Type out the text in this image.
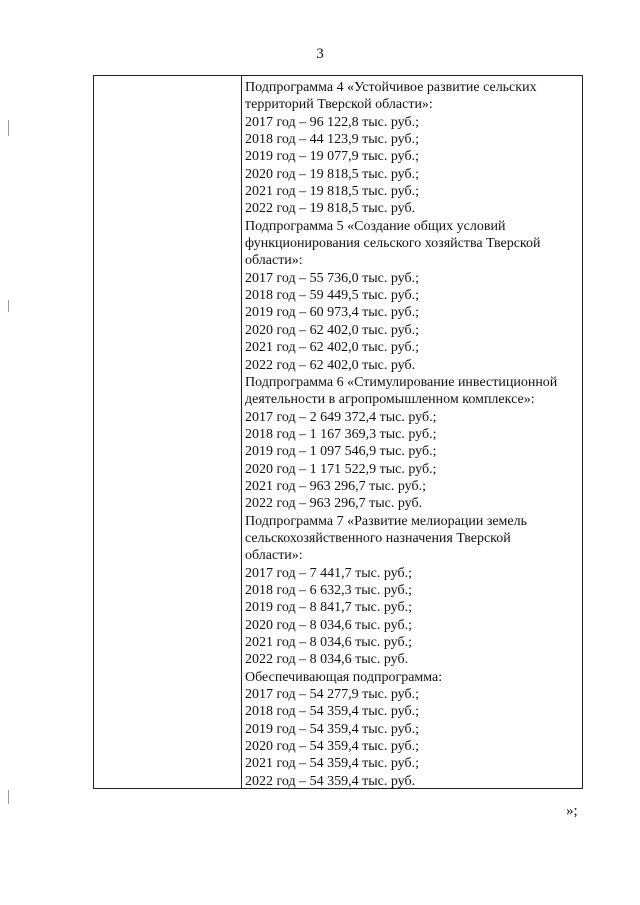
3
Подпрограмма 4 «Устойчивое развитие сельских
территорий Тверской области»:
2017 год – 96 122,8 тыс. руб.;
2018 год – 44 123,9 тыс. руб.;
2019 год – 19 077,9 тыс. руб.;
2020 год – 19 818,5 тыс. руб.;
2021 год – 19 818,5 тыс. руб.;
2022 год – 19 818,5 тыс. руб.
Подпрограмма 5 «Создание общих условий
функционирования сельского хозяйства Тверской
области»:
2017 год – 55 736,0 тыс. руб.;
2018 год – 59 449,5 тыс. руб.;
2019 год – 60 973,4 тыс. руб.;
2020 год – 62 402,0 тыс. руб.;
2021 год – 62 402,0 тыс. руб.;
2022 год – 62 402,0 тыс. руб.
Подпрограмма 6 «Стимулирование инвестиционной
деятельности в агропромышленном комплексе»:
2017 год – 2 649 372,4 тыс. руб.;
2018 год – 1 167 369,3 тыс. руб.;
2019 год – 1 097 546,9 тыс. руб.;
2020 год – 1 171 522,9 тыс. руб.;
2021 год – 963 296,7 тыс. руб.;
2022 год – 963 296,7 тыс. руб.
Подпрограмма 7 «Развитие мелиорации земель
сельскохозяйственного назначения Тверской
области»:
2017 год – 7 441,7 тыс. руб.;
2018 год – 6 632,3 тыс. руб.;
2019 год – 8 841,7 тыс. руб.;
2020 год – 8 034,6 тыс. руб.;
2021 год – 8 034,6 тыс. руб.;
2022 год – 8 034,6 тыс. руб.
Обеспечивающая подпрограмма:
2017 год – 54 277,9 тыс. руб.;
2018 год – 54 359,4 тыс. руб.;
2019 год – 54 359,4 тыс. руб.;
2020 год – 54 359,4 тыс. руб.;
2021 год – 54 359,4 тыс. руб.;
2022 год – 54 359,4 тыс. руб.
»;
